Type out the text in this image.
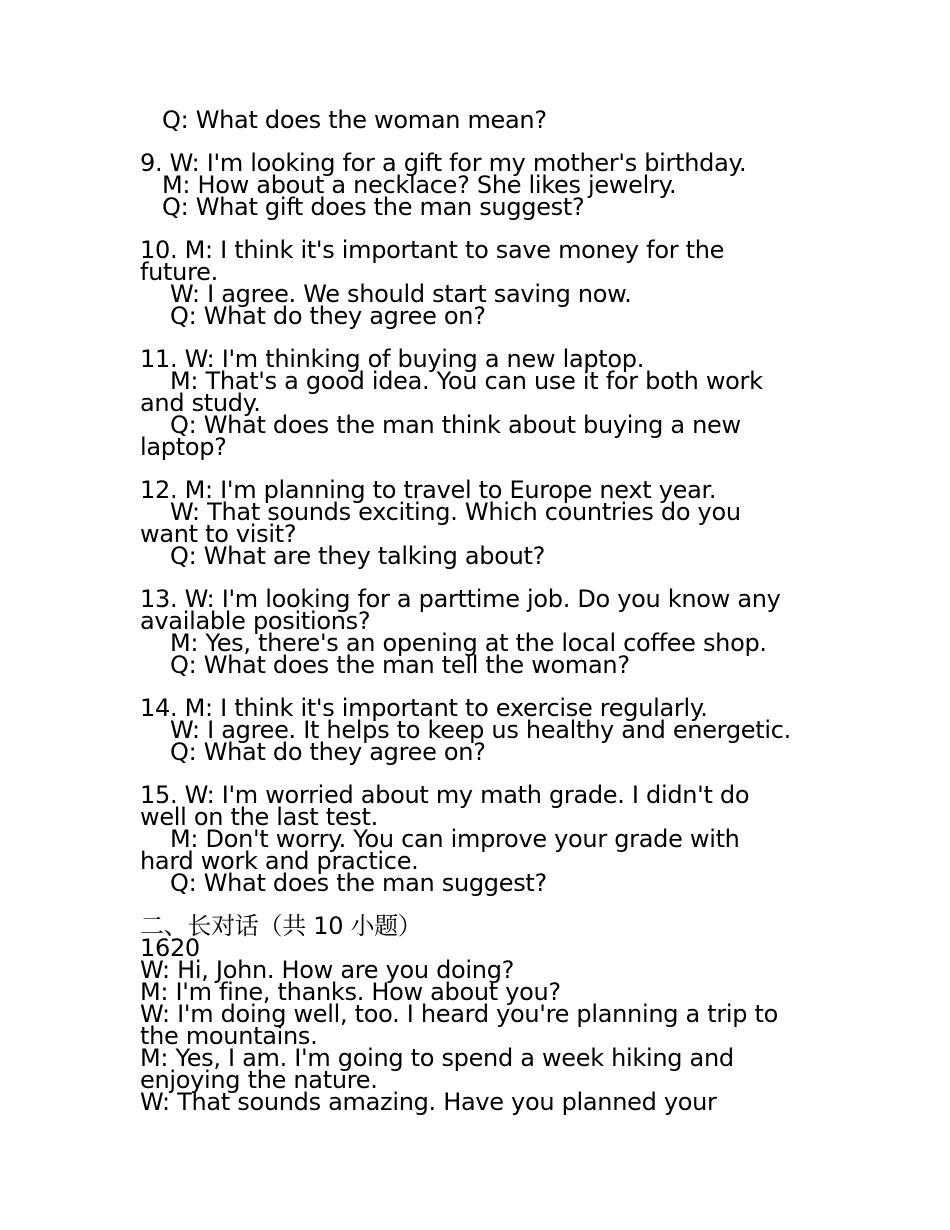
Q: What does the woman mean?
9. W: I'm looking for a gift for my mother's birthday.
M: How about a necklace? She likes jewelry.
Q: What gift does the man suggest?
10. M: I think it's important to save money for the
future.
W: I agree. We should start saving now.
Q: What do they agree on?
11. W: I'm thinking of buying a new laptop.
M: That's a good idea. You can use it for both work
and study.
Q: What does the man think about buying a new
laptop?
12. M: I'm planning to travel to Europe next year.
W: That sounds exciting. Which countries do you
want to visit?
Q: What are they talking about?
13. W: I'm looking for a parttime job. Do you know any
available positions?
M: Yes, there's an opening at the local coffee shop.
Q: What does the man tell the woman?
14. M: I think it's important to exercise regularly.
W: I agree. It helps to keep us healthy and energetic.
Q: What do they agree on?
15. W: I'm worried about my math grade. I didn't do
well on the last test.
M: Don't worry. You can improve your grade with
hard work and practice.
Q: What does the man suggest?
二、长对话（共 10 小题）
1620
W: Hi, John. How are you doing?
M: I'm fine, thanks. How about you?
W: I'm doing well, too. I heard you're planning a trip to
the mountains.
M: Yes, I am. I'm going to spend a week hiking and
enjoying the nature.
W: That sounds amazing. Have you planned your
